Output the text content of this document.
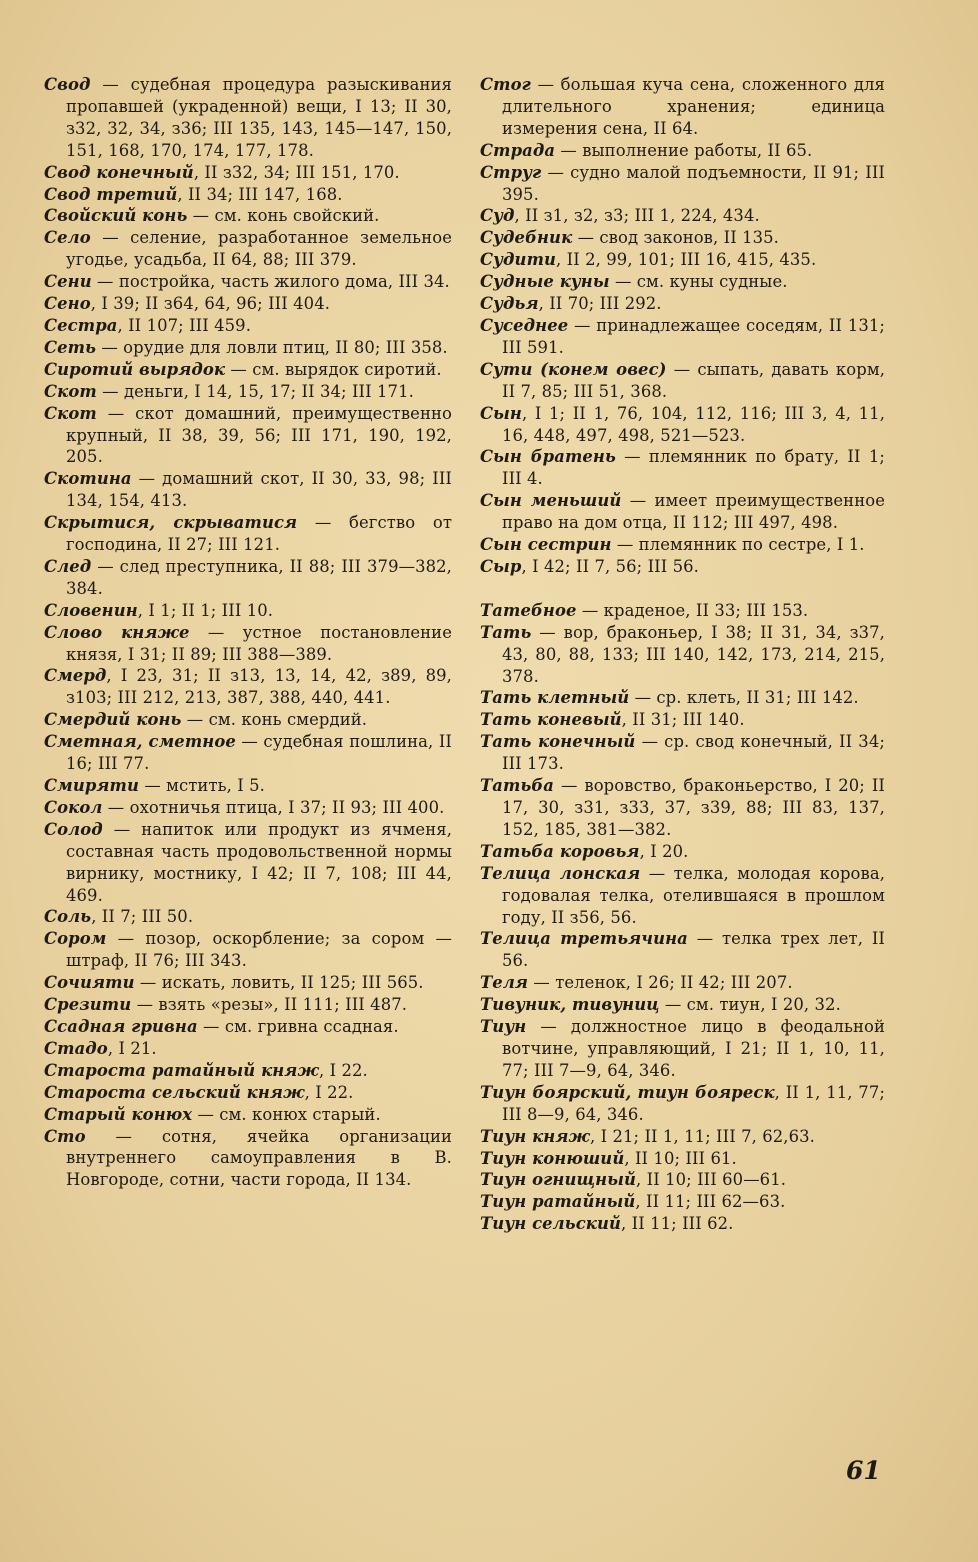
Свод — судебная процедура разыскивания пропавшей (украденной) вещи, I 13; II 30, з32, 32, 34, з36; III 135, 143, 145—147, 150, 151, 168, 170, 174, 177, 178.
Свод конечный, II з32, 34; III 151, 170.
Свод третий, II 34; III 147, 168.
Свойский конь — см. конь свойский.
Село — селение, разработанное земельное угодье, усадьба, II 64, 88; III 379.
Сени — постройка, часть жилого дома, III 34.
Сено, I 39; II з64, 64, 96; III 404.
Сестра, II 107; III 459.
Сеть — орудие для ловли птиц, II 80; III 358.
Сиротий вырядок — см. вырядок сиротий.
Скот — деньги, I 14, 15, 17; II 34; III 171.
Скот — скот домашний, преимущественно крупный, II 38, 39, 56; III 171, 190, 192, 205.
Скотина — домашний скот, II 30, 33, 98; III 134, 154, 413.
Скрытися, скрыватися — бегство от господина, II 27; III 121.
След — след преступника, II 88; III 379—382, 384.
Словенин, I 1; II 1; III 10.
Слово княже — устное постановление князя, I 31; II 89; III 388—389.
Смерд, I 23, 31; II з13, 13, 14, 42, з89, 89, з103; III 212, 213, 387, 388, 440, 441.
Смердий конь — см. конь смердий.
Сметная, сметное — судебная пошлина, II 16; III 77.
Смиряти — мстить, I 5.
Сокол — охотничья птица, I 37; II 93; III 400.
Солод — напиток или продукт из ячменя, составная часть продовольственной нормы вирнику, мостнику, I 42; II 7, 108; III 44, 469.
Соль, II 7; III 50.
Сором — позор, оскорбление; за сором — штраф, II 76; III 343.
Сочияти — искать, ловить, II 125; III 565.
Срезити — взять «резы», II 111; III 487.
Ссадная гривна — см. гривна ссадная.
Стадо, I 21.
Староста ратайный княж, I 22.
Староста сельский княж, I 22.
Старый конюх — см. конюх старый.
Сто — сотня, ячейка организации внутреннего самоуправления в В. Новгороде, сотни, части города, II 134.
Стог — большая куча сена, сложенного для длительного хранения; единица измерения сена, II 64.
Страда — выполнение работы, II 65.
Струг — судно малой подъемности, II 91; III 395.
Суд, II з1, з2, з3; III 1, 224, 434.
Судебник — свод законов, II 135.
Судити, II 2, 99, 101; III 16, 415, 435.
Судные куны — см. куны судные.
Судья, II 70; III 292.
Суседнее — принадлежащее соседям, II 131; III 591.
Сути (конем овес) — сыпать, давать корм, II 7, 85; III 51, 368.
Сын, I 1; II 1, 76, 104, 112, 116; III 3, 4, 11, 16, 448, 497, 498, 521—523.
Сын братень — племянник по брату, II 1; III 4.
Сын меньший — имеет преимущественное право на дом отца, II 112; III 497, 498.
Сын сестрин — племянник по сестре, I 1.
Сыр, I 42; II 7, 56; III 56.
Татебное — краденое, II 33; III 153.
Тать — вор, браконьер, I 38; II 31, 34, з37, 43, 80, 88, 133; III 140, 142, 173, 214, 215, 378.
Тать клетный — ср. клеть, II 31; III 142.
Тать коневый, II 31; III 140.
Тать конечный — ср. свод конечный, II 34; III 173.
Татьба — воровство, браконьерство, I 20; II 17, 30, з31, з33, 37, з39, 88; III 83, 137, 152, 185, 381—382.
Татьба коровья, I 20.
Телица лонская — телка, молодая корова, годовалая телка, отелившаяся в прошлом году, II з56, 56.
Телица третьячина — телка трех лет, II 56.
Теля — теленок, I 26; II 42; III 207.
Тивуник, тивуниц — см. тиун, I 20, 32.
Тиун — должностное лицо в феодальной вотчине, управляющий, I 21; II 1, 10, 11, 77; III 7—9, 64, 346.
Тиун боярский, тиун бояреск, II 1, 11, 77; III 8—9, 64, 346.
Тиун княж, I 21; II 1, 11; III 7, 62,63.
Тиун конюший, II 10; III 61.
Тиун огнищный, II 10; III 60—61.
Тиун ратайный, II 11; III 62—63.
Тиун сельский, II 11; III 62.
61
